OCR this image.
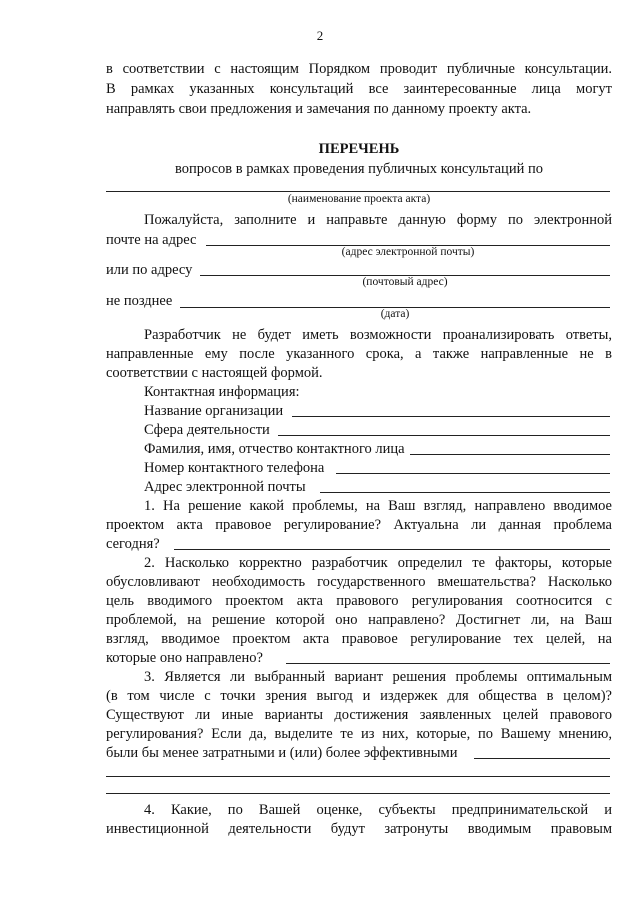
2
в соответствии с настоящим Порядком проводит публичные консультации.
В рамках указанных консультаций все заинтересованные лица могут
направлять свои предложения и замечания по данному проекту акта.
ПЕРЕЧЕНЬ
вопросов в рамках проведения публичных консультаций по
(наименование проекта акта)
Пожалуйста, заполните и направьте данную форму по электронной
почте на адрес
(адрес электронной почты)
или по адресу
(почтовый адрес)
не позднее
(дата)
Разработчик не будет иметь возможности проанализировать ответы,
направленные ему после указанного срока, а также направленные не в
соответствии с настоящей формой.
Контактная информация:
Название организации
Сфера деятельности
Фамилия, имя, отчество контактного лица
Номер контактного телефона
Адрес электронной почты
1. На решение какой проблемы, на Ваш взгляд, направлено вводимое
проектом акта правовое регулирование? Актуальна ли данная проблема
сегодня?
2. Насколько корректно разработчик определил те факторы, которые
обусловливают необходимость государственного вмешательства? Насколько
цель вводимого проектом акта правового регулирования соотносится с
проблемой, на решение которой оно направлено? Достигнет ли, на Ваш
взгляд, вводимое проектом акта правовое регулирование тех целей, на
которые оно направлено?
3. Является ли выбранный вариант решения проблемы оптимальным
(в том числе с точки зрения выгод и издержек для общества в целом)?
Существуют ли иные варианты достижения заявленных целей правового
регулирования? Если да, выделите те из них, которые, по Вашему мнению,
были бы менее затратными и (или) более эффективными
4. Какие, по Вашей оценке, субъекты предпринимательской и
инвестиционной деятельности будут затронуты вводимым правовым
